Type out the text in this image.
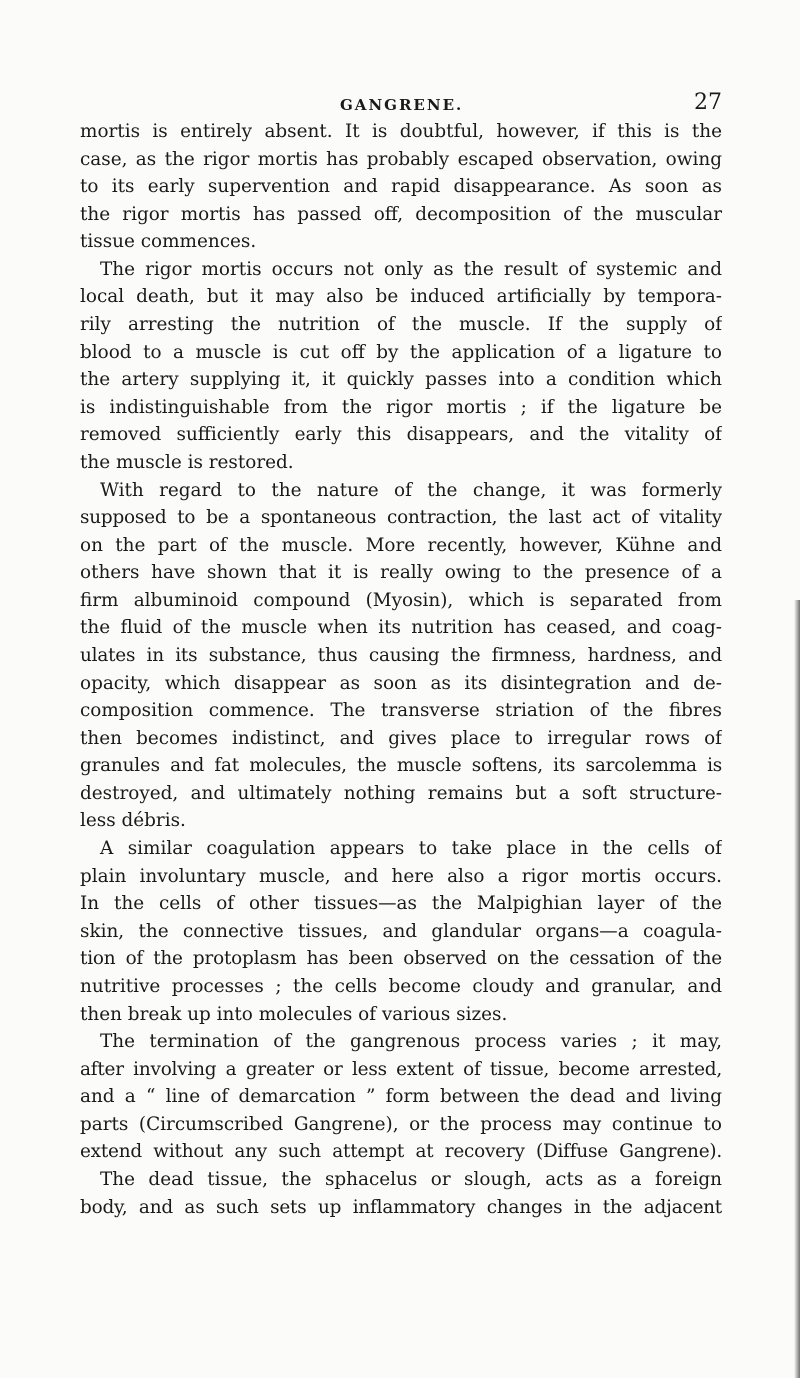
GANGRENE.	27
mortis is entirely absent. It is doubtful, however, if this is the
case, as the rigor mortis has probably escaped observation, owing
to its early supervention and rapid disappearance. As soon as
the rigor mortis has passed off, decomposition of the muscular
tissue commences.
The rigor mortis occurs not only as the result of systemic and
local death, but it may also be induced artificially by tempora-
rily arresting the nutrition of the muscle. If the supply of
blood to a muscle is cut off by the application of a ligature to
the artery supplying it, it quickly passes into a condition which
is indistinguishable from the rigor mortis ; if the ligature be
removed sufficiently early this disappears, and the vitality of
the muscle is restored.
With regard to the nature of the change, it was formerly
supposed to be a spontaneous contraction, the last act of vitality
on the part of the muscle. More recently, however, Kühne and
others have shown that it is really owing to the presence of a
firm albuminoid compound (Myosin), which is separated from
the fluid of the muscle when its nutrition has ceased, and coag-
ulates in its substance, thus causing the firmness, hardness, and
opacity, which disappear as soon as its disintegration and de-
composition commence. The transverse striation of the fibres
then becomes indistinct, and gives place to irregular rows of
granules and fat molecules, the muscle softens, its sarcolemma is
destroyed, and ultimately nothing remains but a soft structure-
less débris.
A similar coagulation appears to take place in the cells of
plain involuntary muscle, and here also a rigor mortis occurs.
In the cells of other tissues—as the Malpighian layer of the
skin, the connective tissues, and glandular organs—a coagula-
tion of the protoplasm has been observed on the cessation of the
nutritive processes ; the cells become cloudy and granular, and
then break up into molecules of various sizes.
The termination of the gangrenous process varies ; it may,
after involving a greater or less extent of tissue, become arrested,
and a “ line of demarcation ” form between the dead and living
parts (Circumscribed Gangrene), or the process may continue to
extend without any such attempt at recovery (Diffuse Gangrene).
The dead tissue, the sphacelus or slough, acts as a foreign
body, and as such sets up inflammatory changes in the adjacent
